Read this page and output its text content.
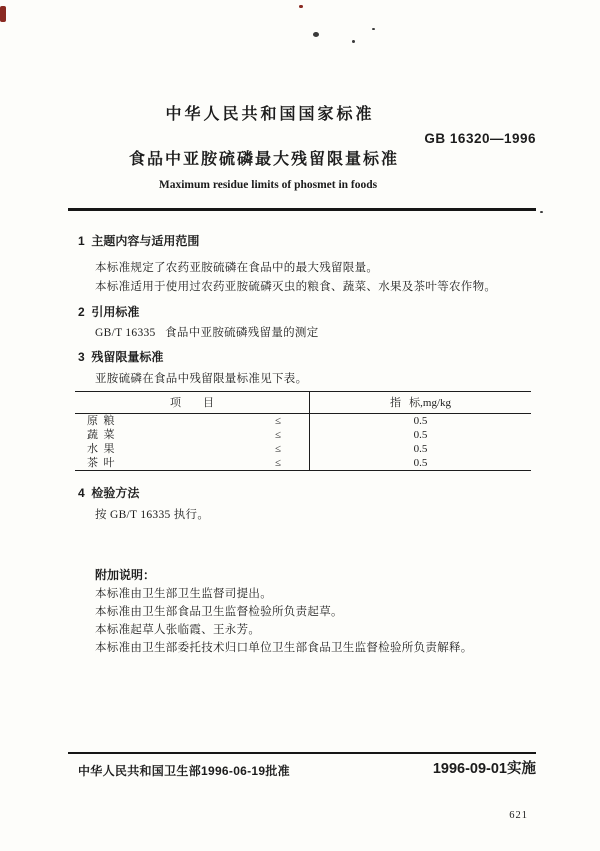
中华人民共和国国家标准
GB 16320—1996
食品中亚胺硫磷最大残留限量标准
Maximum residue limits of phosmet in foods
1  主题内容与适用范围
本标准规定了农药亚胺硫磷在食品中的最大残留限量。
本标准适用于使用过农药亚胺硫磷灭虫的粮食、蔬菜、水果及茶叶等农作物。
2  引用标准
GB/T 16335   食品中亚胺硫磷残留量的测定
3  残留限量标准
亚胺硫磷在食品中残留限量标准见下表。
项        目	指   标,mg/kg
原  粮	≤	0.5
蔬  菜	≤	0.5
水  果	≤	0.5
茶  叶	≤	0.5
4  检验方法
按 GB/T 16335 执行。
附加说明：
本标准由卫生部卫生监督司提出。
本标准由卫生部食品卫生监督检验所负责起草。
本标准起草人张临霞、王永芳。
本标准由卫生部委托技术归口单位卫生部食品卫生监督检验所负责解释。
中华人民共和国卫生部1996-06-19批准	1996-09-01实施
621
